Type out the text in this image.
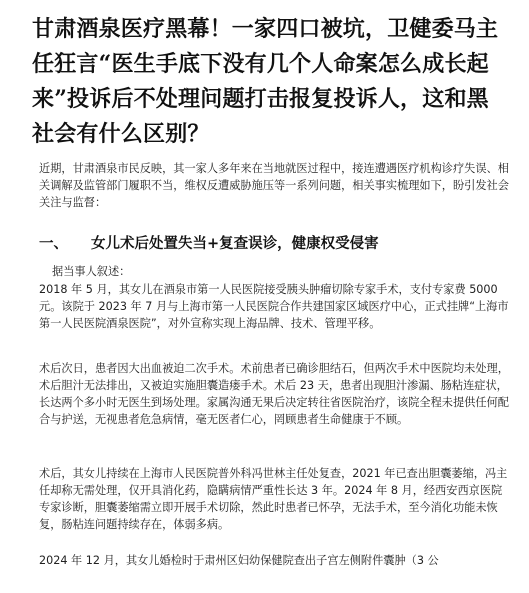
甘肃酒泉医疗黑幕！一家四口被坑，卫健委马主任狂言“医生手底下没有几个人命案怎么成长起来”投诉后不处理问题打击报复投诉人，这和黑社会有什么区别？
近期，甘肃酒泉市民反映，其一家人多年来在当地就医过程中，接连遭遇医疗机构诊疗失误、相关调解及监管部门履职不当，维权反遭威胁施压等一系列问题，相关事实梳理如下，盼引发社会关注与监督：
一、 女儿术后处置失当+复查误诊，健康权受侵害
据当事人叙述：
2018 年 5 月，其女儿在酒泉市第一人民医院接受胰头肿瘤切除专家手术，支付专家费 5000 元。该院于 2023 年 7 月与上海市第一人民医院合作共建国家区域医疗中心，正式挂牌“上海市第一人民医院酒泉医院”，对外宣称实现上海品牌、技术、管理平移。
术后次日，患者因大出血被迫二次手术。术前患者已确诊胆结石，但两次手术中医院均未处理，术后胆汁无法排出，又被迫实施胆囊造瘘手术。术后 23 天，患者出现胆汁渗漏、肠粘连症状，长达两个多小时无医生到场处理。家属沟通无果后决定转往省医院治疗，该院全程未提供任何配合与护送，无视患者危急病情，毫无医者仁心，罔顾患者生命健康于不顾。
术后，其女儿持续在上海市人民医院普外科冯世林主任处复查，2021 年已查出胆囊萎缩，冯主任却称无需处理，仅开具消化药，隐瞒病情严重性长达 3 年。2024 年 8 月，经西安西京医院专家诊断，胆囊萎缩需立即开展手术切除，然此时患者已怀孕，无法手术，至今消化功能未恢复，肠粘连问题持续存在，体弱多病。
2024 年 12 月，其女儿婚检时于肃州区妇幼保健院查出子宫左侧附件囊肿（3 公
